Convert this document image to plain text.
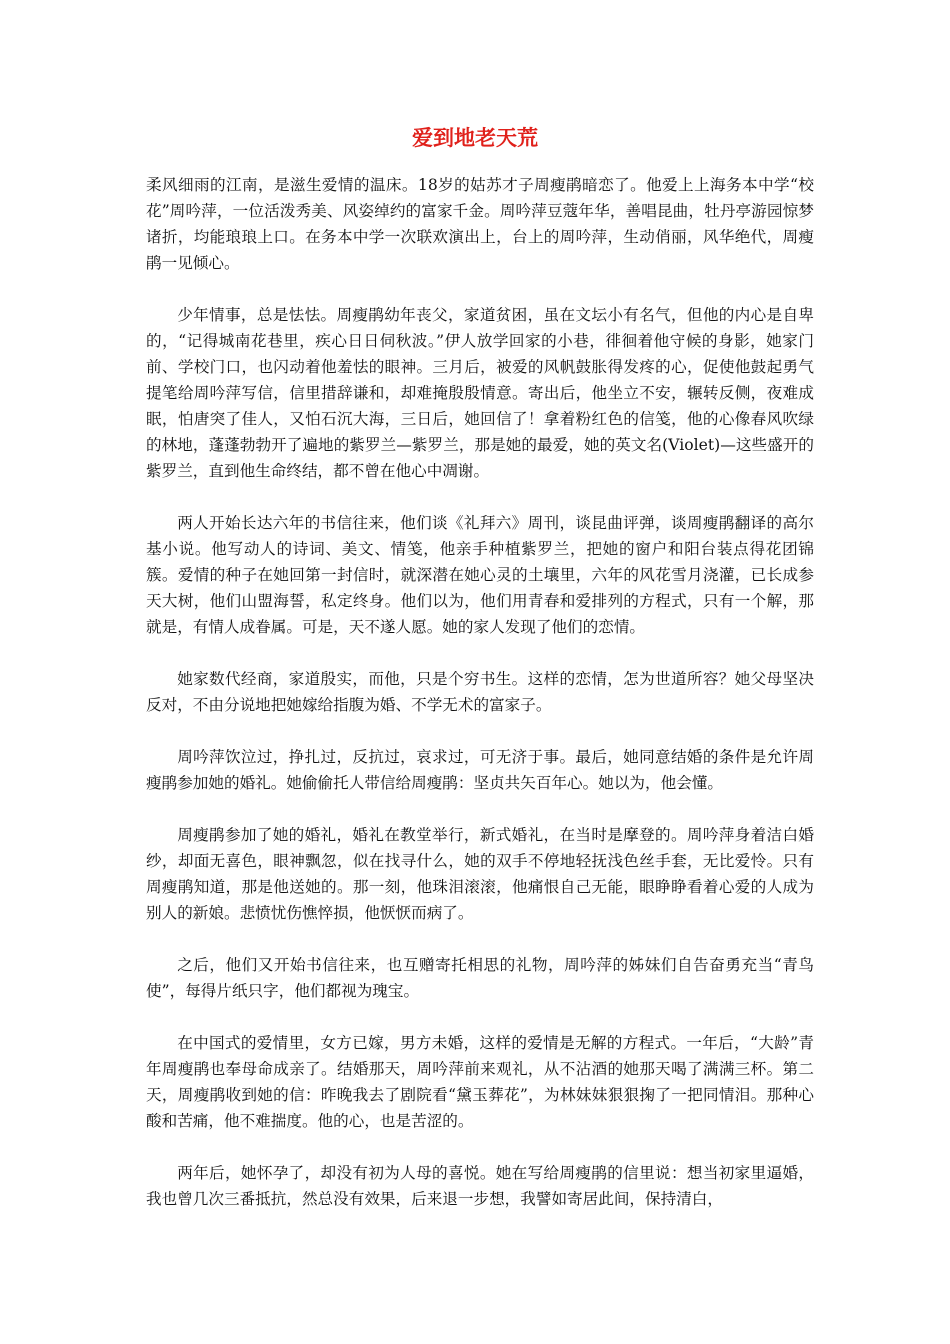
爱到地老天荒

柔风细雨的江南，是滋生爱情的温床。18岁的姑苏才子周瘦鹃暗恋了。他爱上上海务本中学“校花”周吟萍，一位活泼秀美、风姿绰约的富家千金。周吟萍豆蔻年华，善唱昆曲，牡丹亭游园惊梦诸折，均能琅琅上口。在务本中学一次联欢演出上，台上的周吟萍，生动俏丽，风华绝代，周瘦鹃一见倾心。

少年情事，总是怯怯。周瘦鹃幼年丧父，家道贫困，虽在文坛小有名气，但他的内心是自卑的，“记得城南花巷里，疾心日日伺秋波。”伊人放学回家的小巷，徘徊着他守候的身影，她家门前、学校门口，也闪动着他羞怯的眼神。三月后，被爱的风帆鼓胀得发疼的心，促使他鼓起勇气提笔给周吟萍写信，信里措辞谦和，却难掩殷殷情意。寄出后，他坐立不安，辗转反侧，夜难成眠，怕唐突了佳人，又怕石沉大海，三日后，她回信了！拿着粉红色的信笺，他的心像春风吹绿的林地，蓬蓬勃勃开了遍地的紫罗兰—紫罗兰，那是她的最爱，她的英文名(Violet)—这些盛开的紫罗兰，直到他生命终结，都不曾在他心中凋谢。

两人开始长达六年的书信往来，他们谈《礼拜六》周刊，谈昆曲评弹，谈周瘦鹃翻译的高尔基小说。他写动人的诗词、美文、情笺，他亲手种植紫罗兰，把她的窗户和阳台装点得花团锦簇。爱情的种子在她回第一封信时，就深潜在她心灵的土壤里，六年的风花雪月浇灌，已长成参天大树，他们山盟海誓，私定终身。他们以为，他们用青春和爱排列的方程式，只有一个解，那就是，有情人成眷属。可是，天不遂人愿。她的家人发现了他们的恋情。

她家数代经商，家道殷实，而他，只是个穷书生。这样的恋情，怎为世道所容？她父母坚决反对，不由分说地把她嫁给指腹为婚、不学无术的富家子。

周吟萍饮泣过，挣扎过，反抗过，哀求过，可无济于事。最后，她同意结婚的条件是允许周瘦鹃参加她的婚礼。她偷偷托人带信给周瘦鹃：坚贞共矢百年心。她以为，他会懂。

周瘦鹃参加了她的婚礼，婚礼在教堂举行，新式婚礼，在当时是摩登的。周吟萍身着洁白婚纱，却面无喜色，眼神飘忽，似在找寻什么，她的双手不停地轻抚浅色丝手套，无比爱怜。只有周瘦鹃知道，那是他送她的。那一刻，他珠泪滚滚，他痛恨自己无能，眼睁睁看着心爱的人成为别人的新娘。悲愤忧伤憔悴损，他恹恹而病了。

之后，他们又开始书信往来，也互赠寄托相思的礼物，周吟萍的姊妹们自告奋勇充当“青鸟使”，每得片纸只字，他们都视为瑰宝。

在中国式的爱情里，女方已嫁，男方未婚，这样的爱情是无解的方程式。一年后，“大龄”青年周瘦鹃也奉母命成亲了。结婚那天，周吟萍前来观礼，从不沾酒的她那天喝了满满三杯。第二天，周瘦鹃收到她的信：昨晚我去了剧院看“黛玉葬花”，为林妹妹狠狠掬了一把同情泪。那种心酸和苦痛，他不难揣度。他的心，也是苦涩的。

两年后，她怀孕了，却没有初为人母的喜悦。她在写给周瘦鹃的信里说：想当初家里逼婚，我也曾几次三番抵抗，然总没有效果，后来退一步想，我譬如寄居此间，保持清白，
